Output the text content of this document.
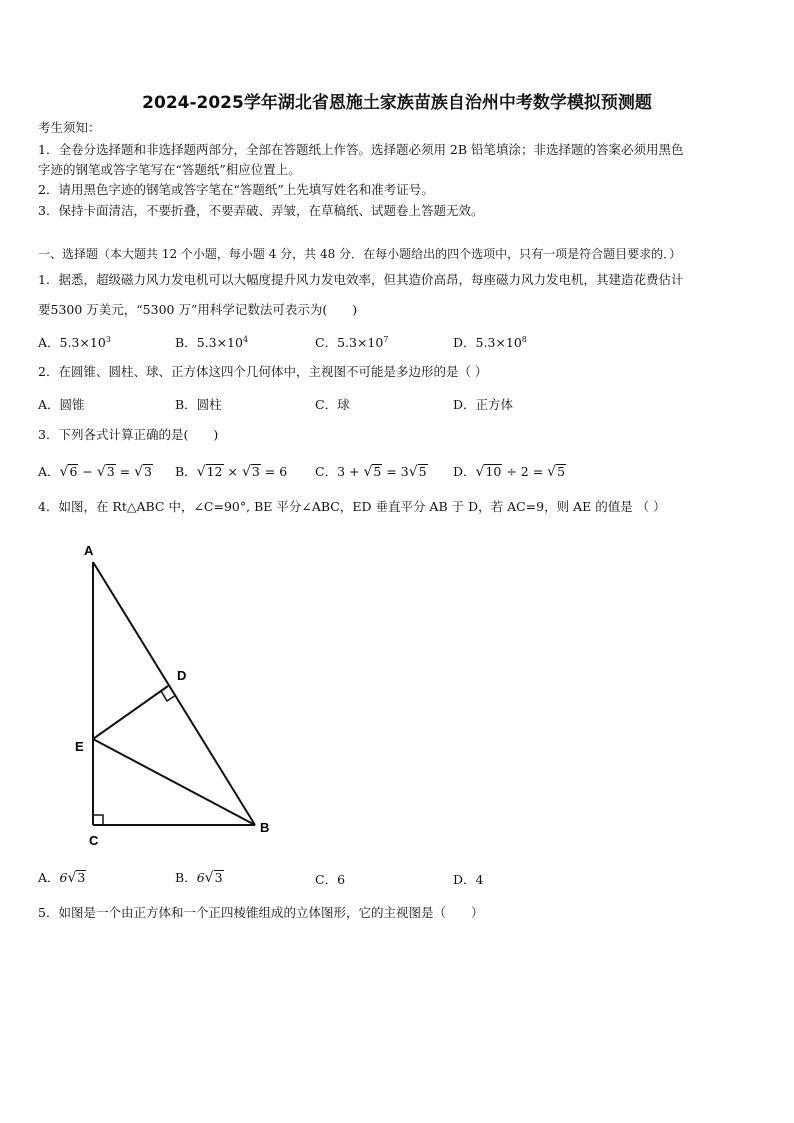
2024-2025学年湖北省恩施土家族苗族自治州中考数学模拟预测题
考生须知：
1．全卷分选择题和非选择题两部分，全部在答题纸上作答。选择题必须用 2B 铅笔填涂；非选择题的答案必须用黑色
字迹的钢笔或答字笔写在“答题纸”相应位置上。
2．请用黑色字迹的钢笔或答字笔在“答题纸”上先填写姓名和准考证号。
3．保持卡面清洁，不要折叠，不要弄破、弄皱，在草稿纸、试题卷上答题无效。
一、选择题（本大题共 12 个小题，每小题 4 分，共 48 分．在每小题给出的四个选项中，只有一项是符合题目要求的．）
1．据悉，超级磁力风力发电机可以大幅度提升风力发电效率，但其造价高昂，每座磁力风力发电机，其建造花费估计
要5300 万美元，“5300 万”用科学记数法可表示为(　　)
A．$5.3\times 10^3$	B．$5.3\times 10^4$	C．$5.3\times 10^7$	D．$5.3\times 10^8$
2．在圆锥、圆柱、球、正方体这四个几何体中，主视图不可能是多边形的是（ ）
A．圆锥	B．圆柱	C．球	D．正方体
3．下列各式计算正确的是(　　)
A．√6 − √3 = √3 B．√12 × √3 = 6 C．3 + √5 = 3√5 D．√10 ÷ 2 = √5
4．如图，在 Rt△ABC 中，∠C=90°, BE 平分∠ABC，ED 垂直平分 AB 于 D，若 AC=9，则 AE 的值是 （ ）
A
D
E
C
B
A．6√3	B．6√3	C．6	D．4
5．如图是一个由正方体和一个正四棱锥组成的立体图形，它的主视图是（　　）
